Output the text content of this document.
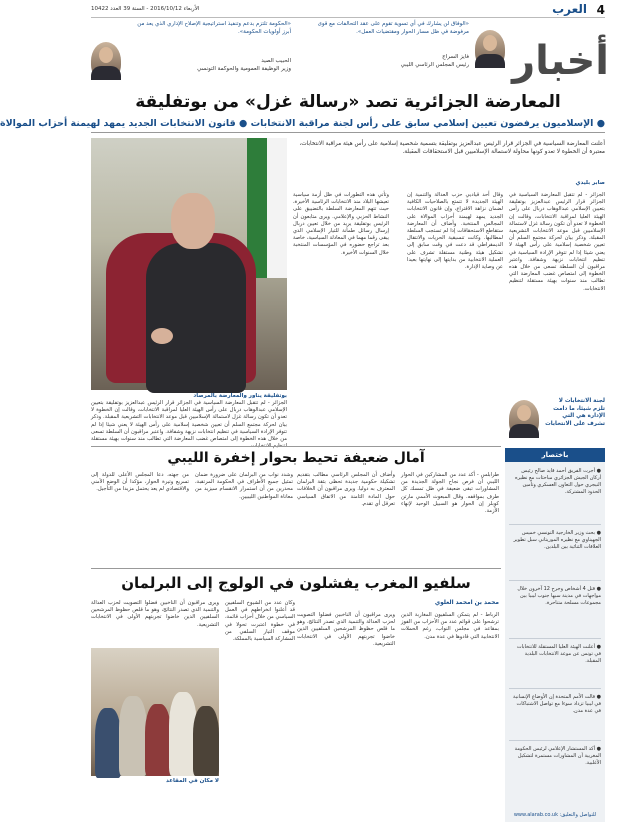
4
العرب
الأربعاء 2016/10/12 - السنة 39 العدد 10422
أخبار
«الوفاق لن يشارك في أي تسوية تقوم على عقد التحالفات مع قوى مرفوضة في ظل مسار الحوار ومقتضيات العمل».
فايز السراج
رئيس المجلس الرئاسي الليبي
«الحكومة تلتزم بدعم وتنفيذ استراتيجية الإصلاح الإداري الذي يعد من أبرز أولويات الحكومة».
الحبيب الصيد
وزير الوظيفة العمومية والحوكمة التونسي
المعارضة الجزائرية تصد «رسالة غزل» من بوتفليقة
● الإسلاميون يرفضون تعيين إسلامي سابق على رأس لجنة مراقبة الانتخابات ● قانون الانتخابات الجديد يمهد لهيمنة أحزاب الموالاة
بوتفليقة يناور والمعارضة بالمرصاد
أعلنت المعارضة السياسية في الجزائر قرار الرئيس عبدالعزيز بوتفليقة بتسمية شخصية إسلامية على رأس هيئة مراقبة الانتخابات، معتبرة أن الخطوة لا تعدو كونها محاولة لاستمالة الإسلاميين قبل الاستحقاقات المقبلة.
صابر بليدي
الجزائر - لم تتقبل المعارضة السياسية في الجزائر قرار الرئيس عبدالعزيز بوتفليقة بتعيين الإسلامي عبدالوهاب دربال على رأس الهيئة العليا لمراقبة الانتخابات، وقالت إن الخطوة لا تعدو أن تكون رسالة غزل لاستمالة الإسلاميين قبل موعد الانتخابات التشريعية المقبلة. وذكر بيان لحركة مجتمع السلم أن تعيين شخصية إسلامية على رأس الهيئة لا يعني شيئا إذا لم تتوفر الإرادة السياسية في تنظيم انتخابات نزيهة وشفافة. واعتبر مراقبون أن السلطة تسعى من خلال هذه الخطوة إلى امتصاص غضب المعارضة التي تطالب منذ سنوات بهيئة مستقلة لتنظيم الانتخابات.
وقال أحد قياديي حزب العدالة والتنمية إن الهيئة الجديدة لا تتمتع بالصلاحيات الكافية لضمان نزاهة الاقتراع، وإن قانون الانتخابات الجديد يمهد لهيمنة أحزاب الموالاة على المجالس المنتخبة. وأضاف أن المعارضة ستقاطع الاستحقاقات إذا لم تستجب السلطة لمطالبها. وكانت تنسيقية الحريات والانتقال الديمقراطي قد دعت في وقت سابق إلى تشكيل هيئة وطنية مستقلة تشرف على العملية الانتخابية من بدايتها إلى نهايتها بعيدا عن وصاية الإدارة.
وتأتي هذه التطورات في ظل أزمة سياسية تعيشها البلاد منذ الانتخابات الرئاسية الأخيرة، حيث تتهم المعارضة السلطة بالتضييق على النشاط الحزبي والإعلامي. ويرى متابعون أن الرئيس بوتفليقة يريد من خلال تعيين دربال إرسال رسائل طمأنة للتيار الإسلامي الذي يبقى رقما مهما في المعادلة السياسية، خاصة بعد تراجع حضوره في المؤسسات المنتخبة خلال السنوات الأخيرة.
الجزائر - لم تتقبل المعارضة السياسية في الجزائر قرار الرئيس عبدالعزيز بوتفليقة بتعيين الإسلامي عبدالوهاب دربال على رأس الهيئة العليا لمراقبة الانتخابات، وقالت إن الخطوة لا تعدو أن تكون رسالة غزل لاستمالة الإسلاميين قبل موعد الانتخابات التشريعية المقبلة. وذكر بيان لحركة مجتمع السلم أن تعيين شخصية إسلامية على رأس الهيئة لا يعني شيئا إذا لم تتوفر الإرادة السياسية في تنظيم انتخابات نزيهة وشفافة. واعتبر مراقبون أن السلطة تسعى من خلال هذه الخطوة إلى امتصاص غضب المعارضة التي تطالب منذ سنوات بهيئة مستقلة
لجنة الانتخابات لا تلزم شيئا، ما دامت الإدارة هي التي تشرف على الانتخابات
باختصار
● أجرت الفريق أحمد قايد صالح رئيس أركان الجيش الجزائري مباحثات مع نظيره النيجري حول التعاون العسكري وتأمين الحدود المشتركة.
● بحث وزير الخارجية التونسي خميس الجهيناوي مع نظيره الموريتاني سبل تطوير العلاقات الثنائية بين البلدين.
● قتل 4 أشخاص وجرح 12 آخرون خلال مواجهات في مدينة سبها جنوب ليبيا بين مجموعات مسلحة متناحرة.
● أعلنت الهيئة العليا المستقلة للانتخابات في تونس عن موعد الانتخابات البلدية المقبلة.
● قالت الأمم المتحدة إن الأوضاع الإنسانية في ليبيا تزداد سوءا مع تواصل الاشتباكات في عدة مدن.
● أكد المستشار الإعلامي لرئيس الحكومة المغربية أن المشاورات مستمرة لتشكيل الأغلبية.
للتواصل والتعليق: www.alarab.co.uk
آمال ضعيفة تحيط بحوار إخفرة الليبي
طرابلس - أكد عدد من المشاركين في الحوار الليبي أن فرص نجاح الجولة الجديدة من المشاورات تبقى ضعيفة في ظل تمسك كل طرف بمواقفه. وقال المبعوث الأممي مارتن كوبلر إن الحوار هو السبيل الوحيد لإنهاء الأزمة.
وأضاف أن المجلس الرئاسي مطالب بتقديم تشكيلة حكومية جديدة تحظى بثقة البرلمان المعترف به دوليا. ويرى مراقبون أن الخلافات حول المادة الثامنة من الاتفاق السياسي تعرقل أي تقدم.
وشدد نواب من البرلمان على ضرورة ضمان تمثيل جميع الأطراف في الحكومة المرتقبة، محذرين من أن استمرار الانقسام سيزيد من معاناة المواطنين الليبيين.
من جهته، دعا المجلس الأعلى للدولة إلى تسريع وتيرة الحوار، مؤكدا أن الوضع الأمني والاقتصادي لم يعد يحتمل مزيدا من التأجيل.
سلفيو المغرب يفشلون في الولوج إلى البرلمان
محمد بن امحمد العلوي
الرباط - لم يتمكن السلفيون المغاربة الذين ترشحوا على قوائم عدد من الأحزاب من الفوز بمقاعد في مجلس النواب، رغم الحملات الانتخابية التي قادوها في عدة مدن.
ويرى مراقبون أن الناخبين فضلوا التصويت لحزب العدالة والتنمية الذي تصدر النتائج، وهو ما قلص حظوظ المرشحين السلفيين الذين خاضوا تجربتهم الأولى في الانتخابات التشريعية.
وكان عدد من الشيوخ السلفيين قد أعلنوا انخراطهم في العمل السياسي من خلال أحزاب قائمة، في خطوة اعتبرت تحولا في موقف التيار السلفي من المشاركة السياسية بالمملكة.
ويرى مراقبون أن الناخبين فضلوا التصويت لحزب العدالة والتنمية الذي تصدر النتائج، وهو ما قلص حظوظ المرشحين السلفيين الذين خاضوا تجربتهم الأولى في الانتخابات التشريعية.
لا مكان في المقاعد
